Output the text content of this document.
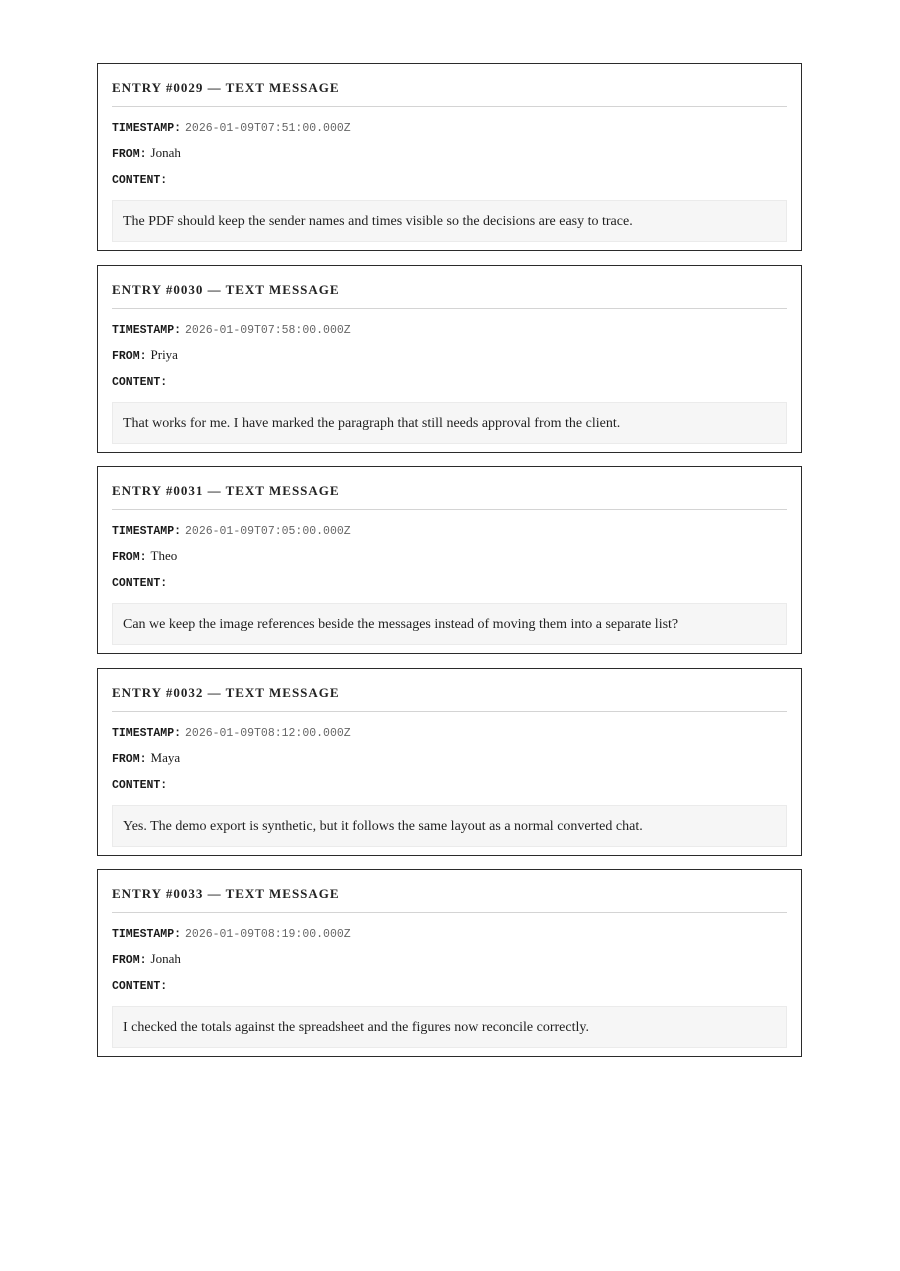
ENTRY #0029 — TEXT MESSAGE
TIMESTAMP: 2026-01-09T07:51:00.000Z
FROM: Jonah
CONTENT:
The PDF should keep the sender names and times visible so the decisions are easy to trace.
ENTRY #0030 — TEXT MESSAGE
TIMESTAMP: 2026-01-09T07:58:00.000Z
FROM: Priya
CONTENT:
That works for me. I have marked the paragraph that still needs approval from the client.
ENTRY #0031 — TEXT MESSAGE
TIMESTAMP: 2026-01-09T07:05:00.000Z
FROM: Theo
CONTENT:
Can we keep the image references beside the messages instead of moving them into a separate list?
ENTRY #0032 — TEXT MESSAGE
TIMESTAMP: 2026-01-09T08:12:00.000Z
FROM: Maya
CONTENT:
Yes. The demo export is synthetic, but it follows the same layout as a normal converted chat.
ENTRY #0033 — TEXT MESSAGE
TIMESTAMP: 2026-01-09T08:19:00.000Z
FROM: Jonah
CONTENT:
I checked the totals against the spreadsheet and the figures now reconcile correctly.
